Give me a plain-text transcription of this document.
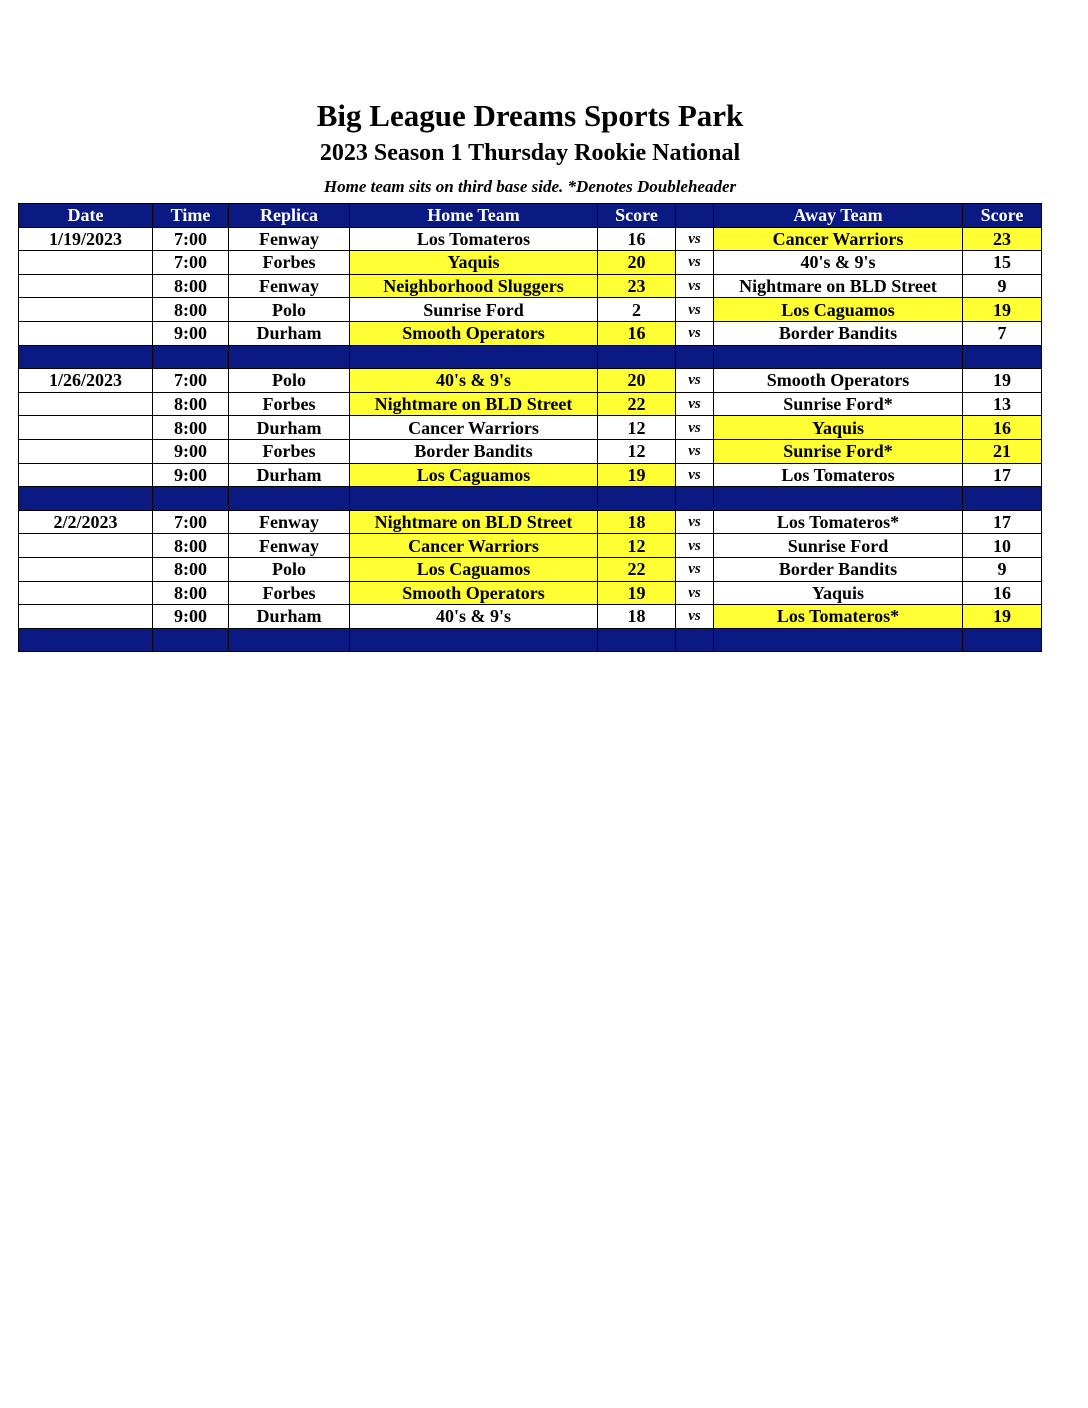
Big League Dreams Sports Park
2023 Season 1 Thursday Rookie National
Home team sits on third base side. *Denotes Doubleheader
Date	Time	Replica	Home Team	Score		Away Team	Score
1/19/2023	7:00	Fenway	Los Tomateros	16	vs	Cancer Warriors	23
	7:00	Forbes	Yaquis	20	vs	40's & 9's	15
	8:00	Fenway	Neighborhood Sluggers	23	vs	Nightmare on BLD Street	9
	8:00	Polo	Sunrise Ford	2	vs	Los Caguamos	19
	9:00	Durham	Smooth Operators	16	vs	Border Bandits	7

1/26/2023	7:00	Polo	40's & 9's	20	vs	Smooth Operators	19
	8:00	Forbes	Nightmare on BLD Street	22	vs	Sunrise Ford*	13
	8:00	Durham	Cancer Warriors	12	vs	Yaquis	16
	9:00	Forbes	Border Bandits	12	vs	Sunrise Ford*	21
	9:00	Durham	Los Caguamos	19	vs	Los Tomateros	17

2/2/2023	7:00	Fenway	Nightmare on BLD Street	18	vs	Los Tomateros*	17
	8:00	Fenway	Cancer Warriors	12	vs	Sunrise Ford	10
	8:00	Polo	Los Caguamos	22	vs	Border Bandits	9
	8:00	Forbes	Smooth Operators	19	vs	Yaquis	16
	9:00	Durham	40's & 9's	18	vs	Los Tomateros*	19
